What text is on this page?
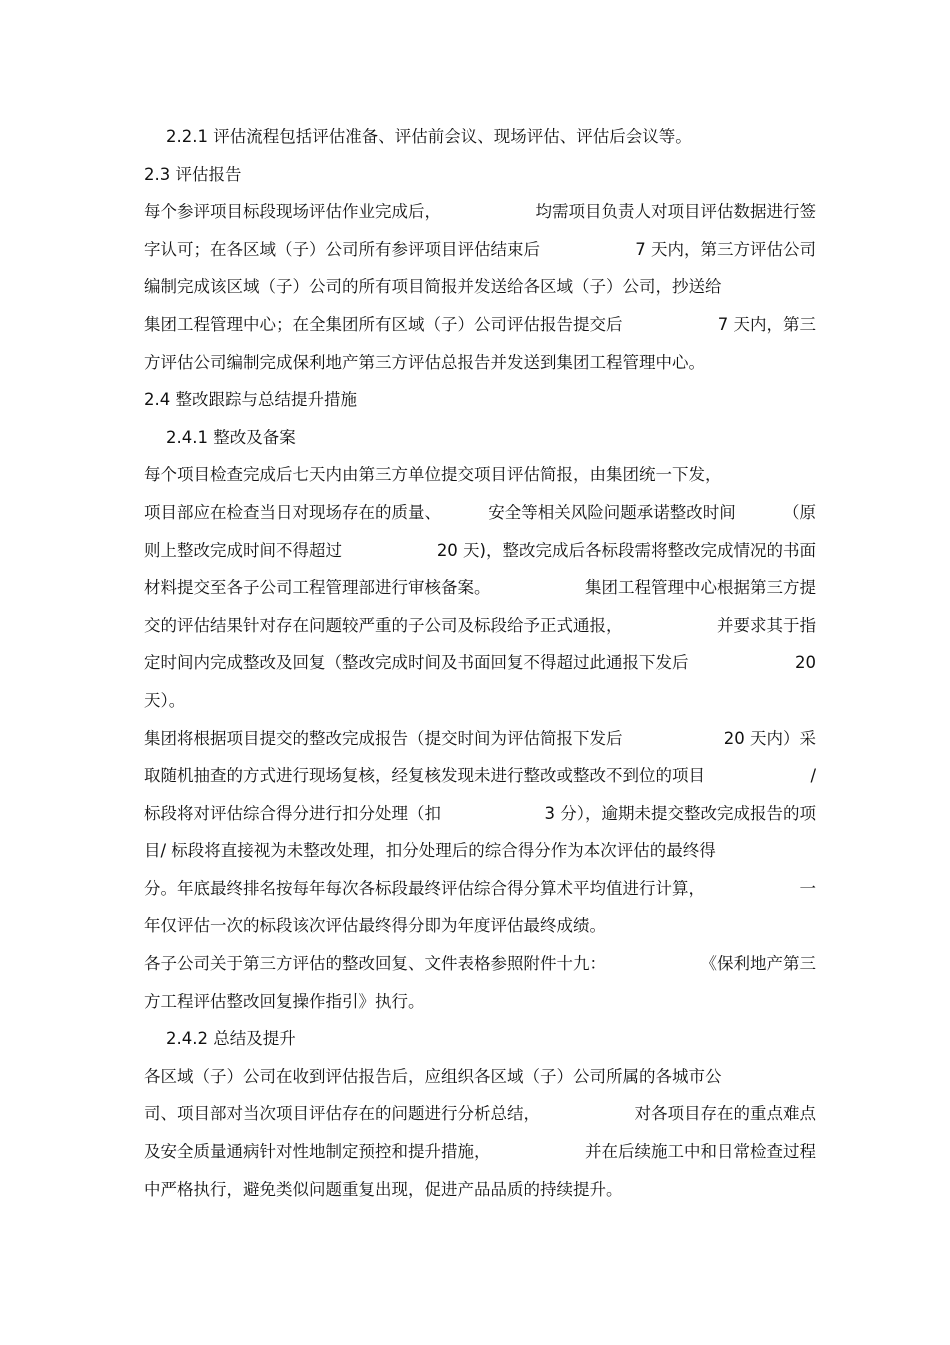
2.2.1 评估流程包括评估准备、评估前会议、现场评估、评估后会议等。
2.3 评估报告
每个参评项目标段现场评估作业完成后，	均需项目负责人对项目评估数据进行签
字认可；在各区域（子）公司所有参评项目评估结束后	7 天内，第三方评估公司
编制完成该区域（子）公司的所有项目简报并发送给各区域（子）公司，抄送给
集团工程管理中心；在全集团所有区域（子）公司评估报告提交后	7 天内，第三
方评估公司编制完成保利地产第三方评估总报告并发送到集团工程管理中心。
2.4 整改跟踪与总结提升措施
2.4.1 整改及备案
每个项目检查完成后七天内由第三方单位提交项目评估简报，由集团统一下发，
项目部应在检查当日对现场存在的质量、	安全等相关风险问题承诺整改时间	（原
则上整改完成时间不得超过	20 天)，整改完成后各标段需将整改完成情况的书面
材料提交至各子公司工程管理部进行审核备案。	集团工程管理中心根据第三方提
交的评估结果针对存在问题较严重的子公司及标段给予正式通报，	并要求其于指
定时间内完成整改及回复（整改完成时间及书面回复不得超过此通报下发后	20
天）。
集团将根据项目提交的整改完成报告（提交时间为评估简报下发后	20 天内）采
取随机抽查的方式进行现场复核，经复核发现未进行整改或整改不到位的项目	/
标段将对评估综合得分进行扣分处理（扣	3 分），逾期未提交整改完成报告的项
目/ 标段将直接视为未整改处理，扣分处理后的综合得分作为本次评估的最终得
分。年底最终排名按每年每次各标段最终评估综合得分算术平均值进行计算，	一
年仅评估一次的标段该次评估最终得分即为年度评估最终成绩。
各子公司关于第三方评估的整改回复、文件表格参照附件十九：	《保利地产第三
方工程评估整改回复操作指引》执行。
2.4.2 总结及提升
各区域（子）公司在收到评估报告后，应组织各区域（子）公司所属的各城市公
司、项目部对当次项目评估存在的问题进行分析总结，	对各项目存在的重点难点
及安全质量通病针对性地制定预控和提升措施，	并在后续施工中和日常检查过程
中严格执行，避免类似问题重复出现，促进产品品质的持续提升。
